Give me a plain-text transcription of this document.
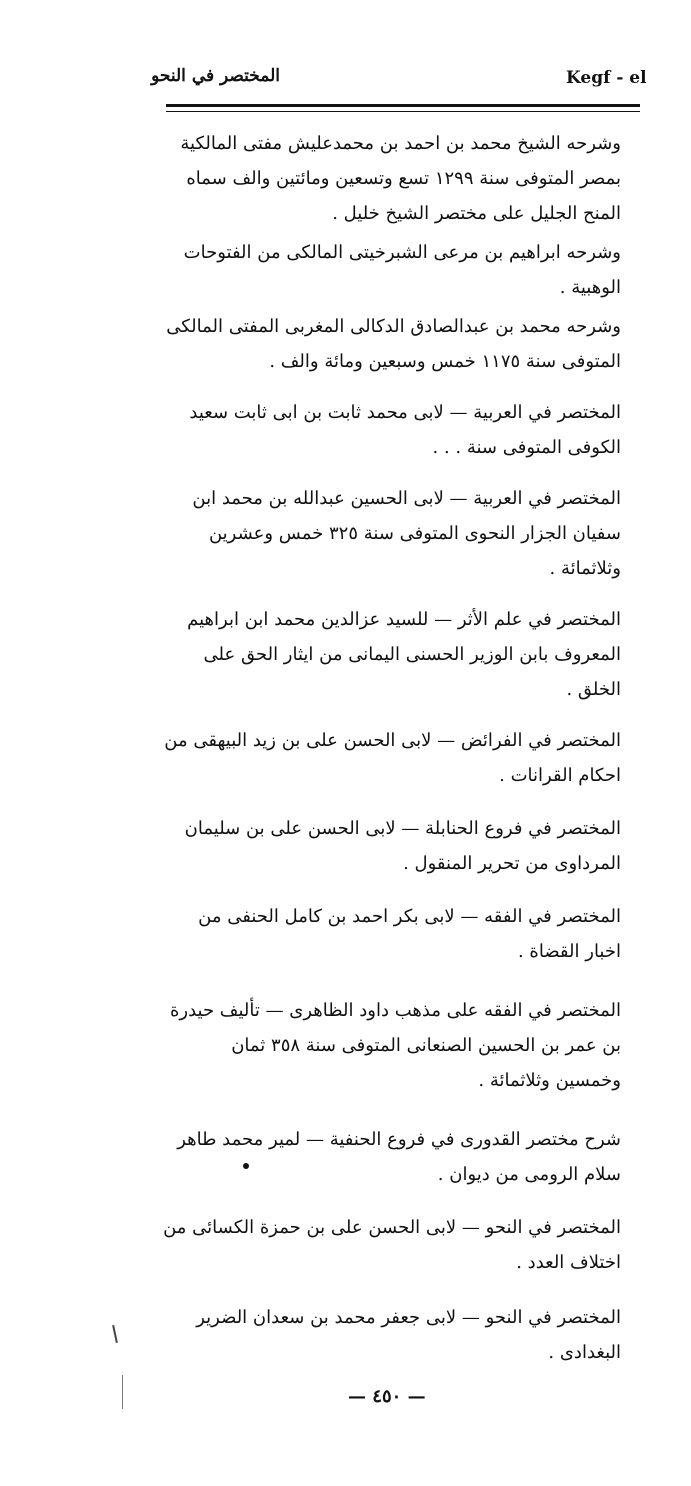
Kegf - el
المختصر في النحو

وشرحه الشيخ محمد بن احمد بن محمدعليش مفتى المالكية بمصر المتوفى سنة ١٢٩٩ تسع وتسعين ومائتين والف سماه المنح الجليل على مختصر الشيخ خليل .

وشرحه ابراهيم بن مرعى الشبرخيتى المالكى من الفتوحات الوهبية .

وشرحه محمد بن عبدالصادق الدكالى المغربى المفتى المالكى المتوفى سنة ١١٧٥ خمس وسبعين ومائة والف .

المختصر في العربية — لابى محمد ثابت بن ابى ثابت سعيد الكوفى المتوفى سنة . . .

المختصر في العربية — لابى الحسين عبدالله بن محمد ابن سفيان الجزار النحوى المتوفى سنة ٣٢٥ خمس وعشرين وثلاثمائة .

المختصر في علم الأثر — للسيد عزالدين محمد ابن ابراهيم المعروف بابن الوزير الحسنى اليمانى من ايثار الحق على الخلق .

المختصر في الفرائض — لابى الحسن على بن زيد البيهقى من احكام القرانات .

المختصر في فروع الحنابلة — لابى الحسن على بن سليمان المرداوى من تحرير المنقول .

المختصر في الفقه — لابى بكر احمد بن كامل الحنفى من اخبار القضاة .

المختصر في الفقه على مذهب داود الظاهرى — تأليف حيدرة بن عمر بن الحسين الصنعانى المتوفى سنة ٣٥٨ ثمان وخمسين وثلاثمائة .

شرح مختصر القدورى في فروع الحنفية — لمير محمد طاهر سلام الرومى من ديوان .

المختصر في النحو — لابى الحسن على بن حمزة الكسائى من اختلاف العدد .

المختصر في النحو — لابى جعفر محمد بن سعدان الضرير البغدادى .

— ٤٥٠ —
